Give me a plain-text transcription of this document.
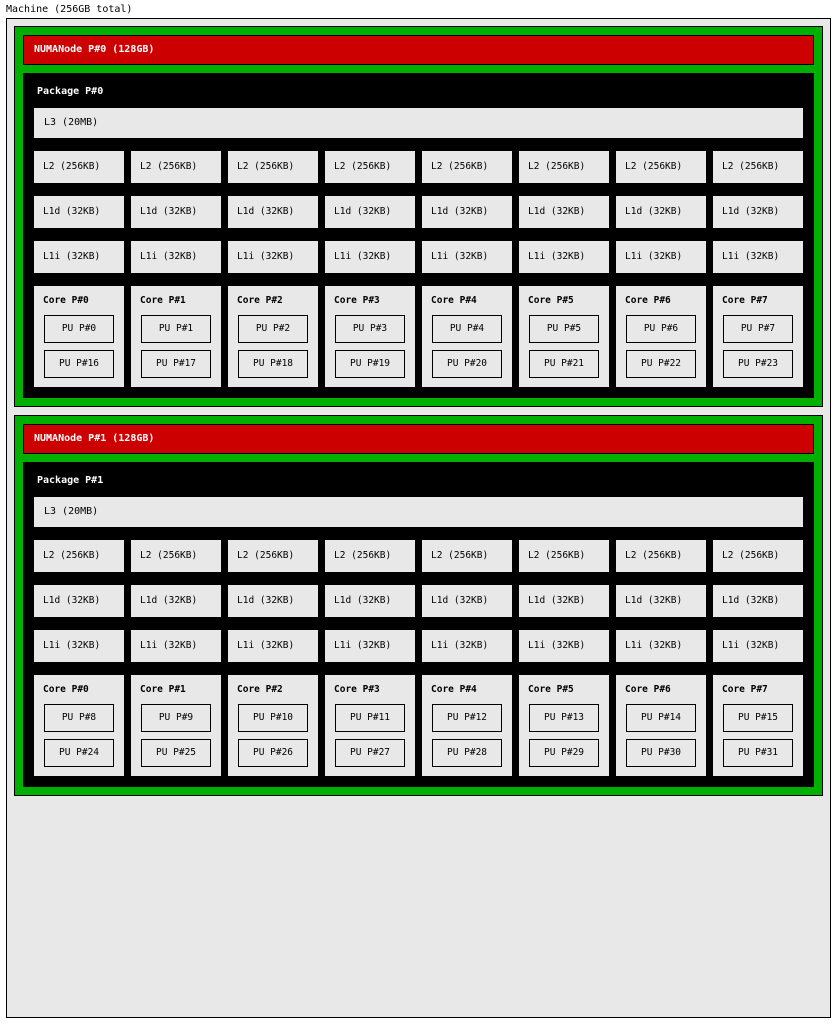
Machine (256GB total)
NUMANode P#0 (128GB)
Package P#0
L3 (20MB)
L2 (256KB)	L2 (256KB)	L2 (256KB)	L2 (256KB)	L2 (256KB)	L2 (256KB)	L2 (256KB)	L2 (256KB)
L1d (32KB)	L1d (32KB)	L1d (32KB)	L1d (32KB)	L1d (32KB)	L1d (32KB)	L1d (32KB)	L1d (32KB)
L1i (32KB)	L1i (32KB)	L1i (32KB)	L1i (32KB)	L1i (32KB)	L1i (32KB)	L1i (32KB)	L1i (32KB)
Core P#0
PU P#0
PU P#16
Core P#1
PU P#1
PU P#17
Core P#2
PU P#2
PU P#18
Core P#3
PU P#3
PU P#19
Core P#4
PU P#4
PU P#20
Core P#5
PU P#5
PU P#21
Core P#6
PU P#6
PU P#22
Core P#7
PU P#7
PU P#23
NUMANode P#1 (128GB)
Package P#1
L3 (20MB)
L2 (256KB)	L2 (256KB)	L2 (256KB)	L2 (256KB)	L2 (256KB)	L2 (256KB)	L2 (256KB)	L2 (256KB)
L1d (32KB)	L1d (32KB)	L1d (32KB)	L1d (32KB)	L1d (32KB)	L1d (32KB)	L1d (32KB)	L1d (32KB)
L1i (32KB)	L1i (32KB)	L1i (32KB)	L1i (32KB)	L1i (32KB)	L1i (32KB)	L1i (32KB)	L1i (32KB)
Core P#0
PU P#8
PU P#24
Core P#1
PU P#9
PU P#25
Core P#2
PU P#10
PU P#26
Core P#3
PU P#11
PU P#27
Core P#4
PU P#12
PU P#28
Core P#5
PU P#13
PU P#29
Core P#6
PU P#14
PU P#30
Core P#7
PU P#15
PU P#31
